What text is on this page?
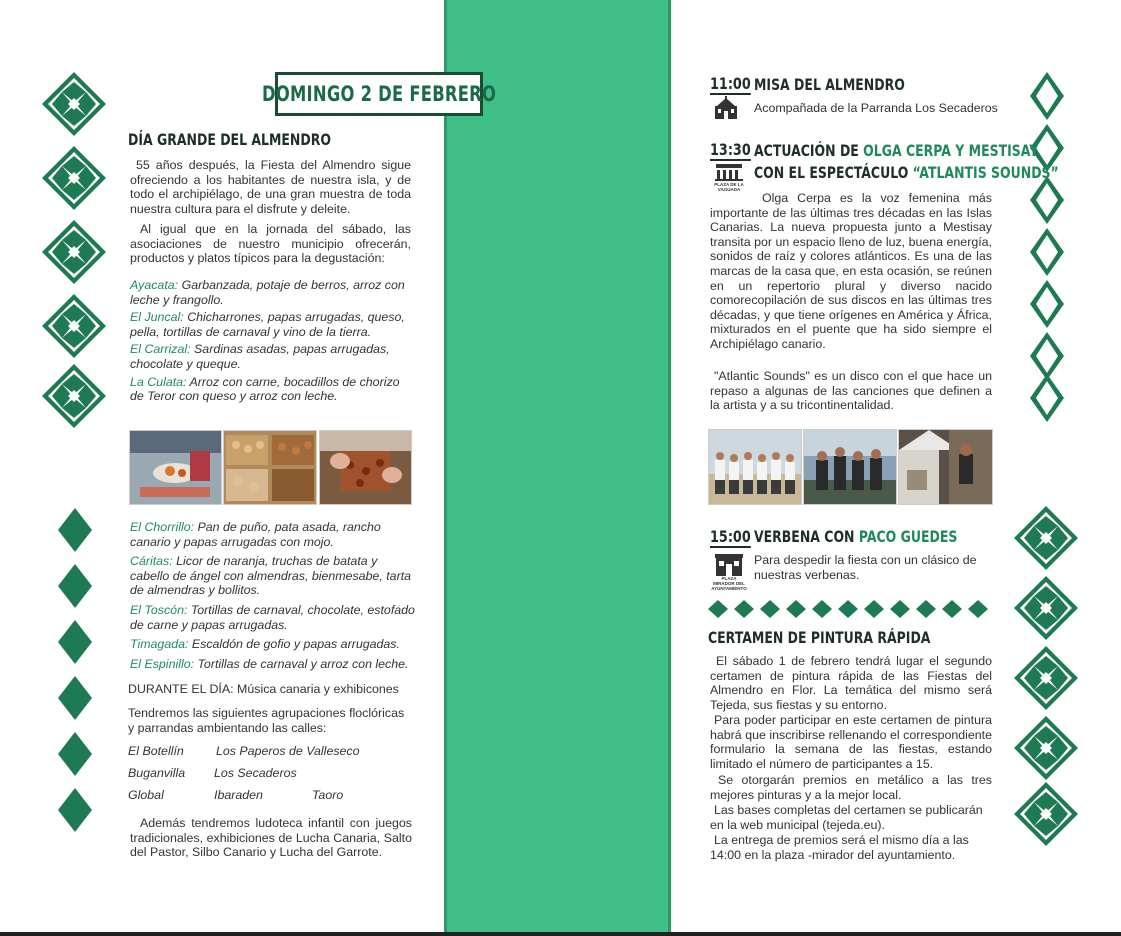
DOMINGO 2 DE FEBRERO
DÍA GRANDE DEL ALMENDRO
55 años después, la Fiesta del Almendro sigue ofreciendo a los habitantes de nuestra isla, y de todo el archipiélago, de una gran muestra de toda nuestra cultura para el disfrute y deleite.
Al igual que en la jornada del sábado, las asociaciones de nuestro municipio ofrecerán, productos y platos típicos para la degustación:
Ayacata: Garbanzada, potaje de berros, arroz con leche y frangollo.
El Juncal: Chicharrones, papas arrugadas, queso, pella, tortillas de carnaval y vino de la tierra.
El Carrizal: Sardinas asadas, papas arrugadas, chocolate y queque.
La Culata: Arroz con carne, bocadillos de chorizo de Teror con queso y arroz con leche.
El Chorrillo: Pan de puño, pata asada, rancho canario y papas arrugadas con mojo.
Cáritas: Licor de naranja, truchas de batata y cabello de ángel con almendras, bienmesabe, tarta de almendras y bollitos.
El Toscón: Tortillas de carnaval, chocolate, estofado de carne y papas arrugadas.
Timagada: Escaldón de gofio y papas arrugadas.
El Espinillo: Tortillas de carnaval y arroz con leche.
DURANTE EL DÍA: Música canaria y exhibicones
Tendremos las siguientes agrupaciones ﬂoclóricas y parrandas ambientando las calles:
El Botellín	Los Paperos de Valleseco
Buganvilla Los Secaderos
Global	Ibaraden	Taoro
Además tendremos ludoteca infantil con juegos tradicionales, exhibiciones de Lucha Canaria, Salto del Pastor, Silbo Canario y Lucha del Garrote.
11:00 MISA DEL ALMENDRO
Acompañada de la Parranda Los Secaderos
13:30 ACTUACIÓN DE OLGA CERPA Y MESTISAY
CON EL ESPECTÁCULO “ATLANTIS SOUNDS”
PLAZA DE LA VAGUADA
Olga Cerpa es la voz femenina más importante de las últimas tres décadas en las Islas Canarias. La nueva propuesta junto a Mestisay transita por un espacio lleno de luz, buena energía, sonidos de raíz y colores atlánticos. Es una de las marcas de la casa que, en esta ocasión, se reúnen en un repertorio plural y diverso nacido comorecopilación de sus discos en las últimas tres décadas, y que tiene orígenes en América y África, mixturados en el puente que ha sido siempre el Archipiélago canario.
"Atlantic Sounds" es un disco con el que hace un repaso a algunas de las canciones que deﬁnen a la artista y a su tricontinentalidad.
15:00 VERBENA CON PACO GUEDES
PLAZA MIRADOR DEL AYUNTAMIENTO
Para despedir la ﬁesta con un clásico de nuestras verbenas.
CERTAMEN DE PINTURA RÁPIDA
El sábado 1 de febrero tendrá lugar el segundo certamen de pintura rápida de las Fiestas del Almendro en Flor. La temática del mismo será Tejeda, sus ﬁestas y su entorno.
Para poder participar en este certamen de pintura habrá que inscribirse rellenando el correspondiente formulario la semana de las ﬁestas, estando limitado el número de participantes a 15.
Se otorgarán premios en metálico a las tres mejores pinturas y a la mejor local.
Las bases completas del certamen se publicarán en la web municipal (tejeda.eu).
La entrega de premios será el mismo día a las 14:00 en la plaza -mirador del ayuntamiento.
